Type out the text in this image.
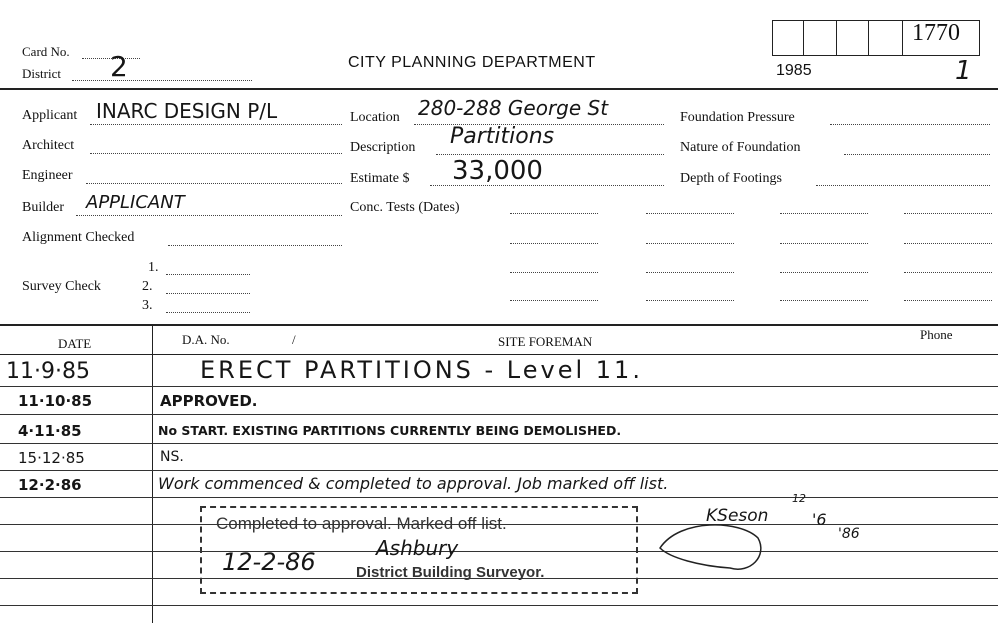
Card No.
District 2	CITY PLANNING DEPARTMENT	1985
1770
1
Applicant INARC DESIGN P/L
Architect
Engineer
Builder APPLICANT
Alignment Checked
1.
Survey Check	2.
3.
Location 280-288 George St
Description Partitions
Estimate $ 33,000
Conc. Tests (Dates)
Foundation Pressure
Nature of Foundation
Depth of Footings
DATE	D.A. No.	/	SITE FOREMAN	Phone
11·9·85	ERECT PARTITIONS - Level 11.
11·10·85	APPROVED.
4·11·85	No START. EXISTING PARTITIONS CURRENTLY BEING DEMOLISHED.
15·12·85	NS.
12·2·86	Work commenced & completed to approval. Job marked off list.
Completed to approval. Marked off list.
12-2-86	Ashbury
District Building Surveyor.
KSeson
12
'6
'86
